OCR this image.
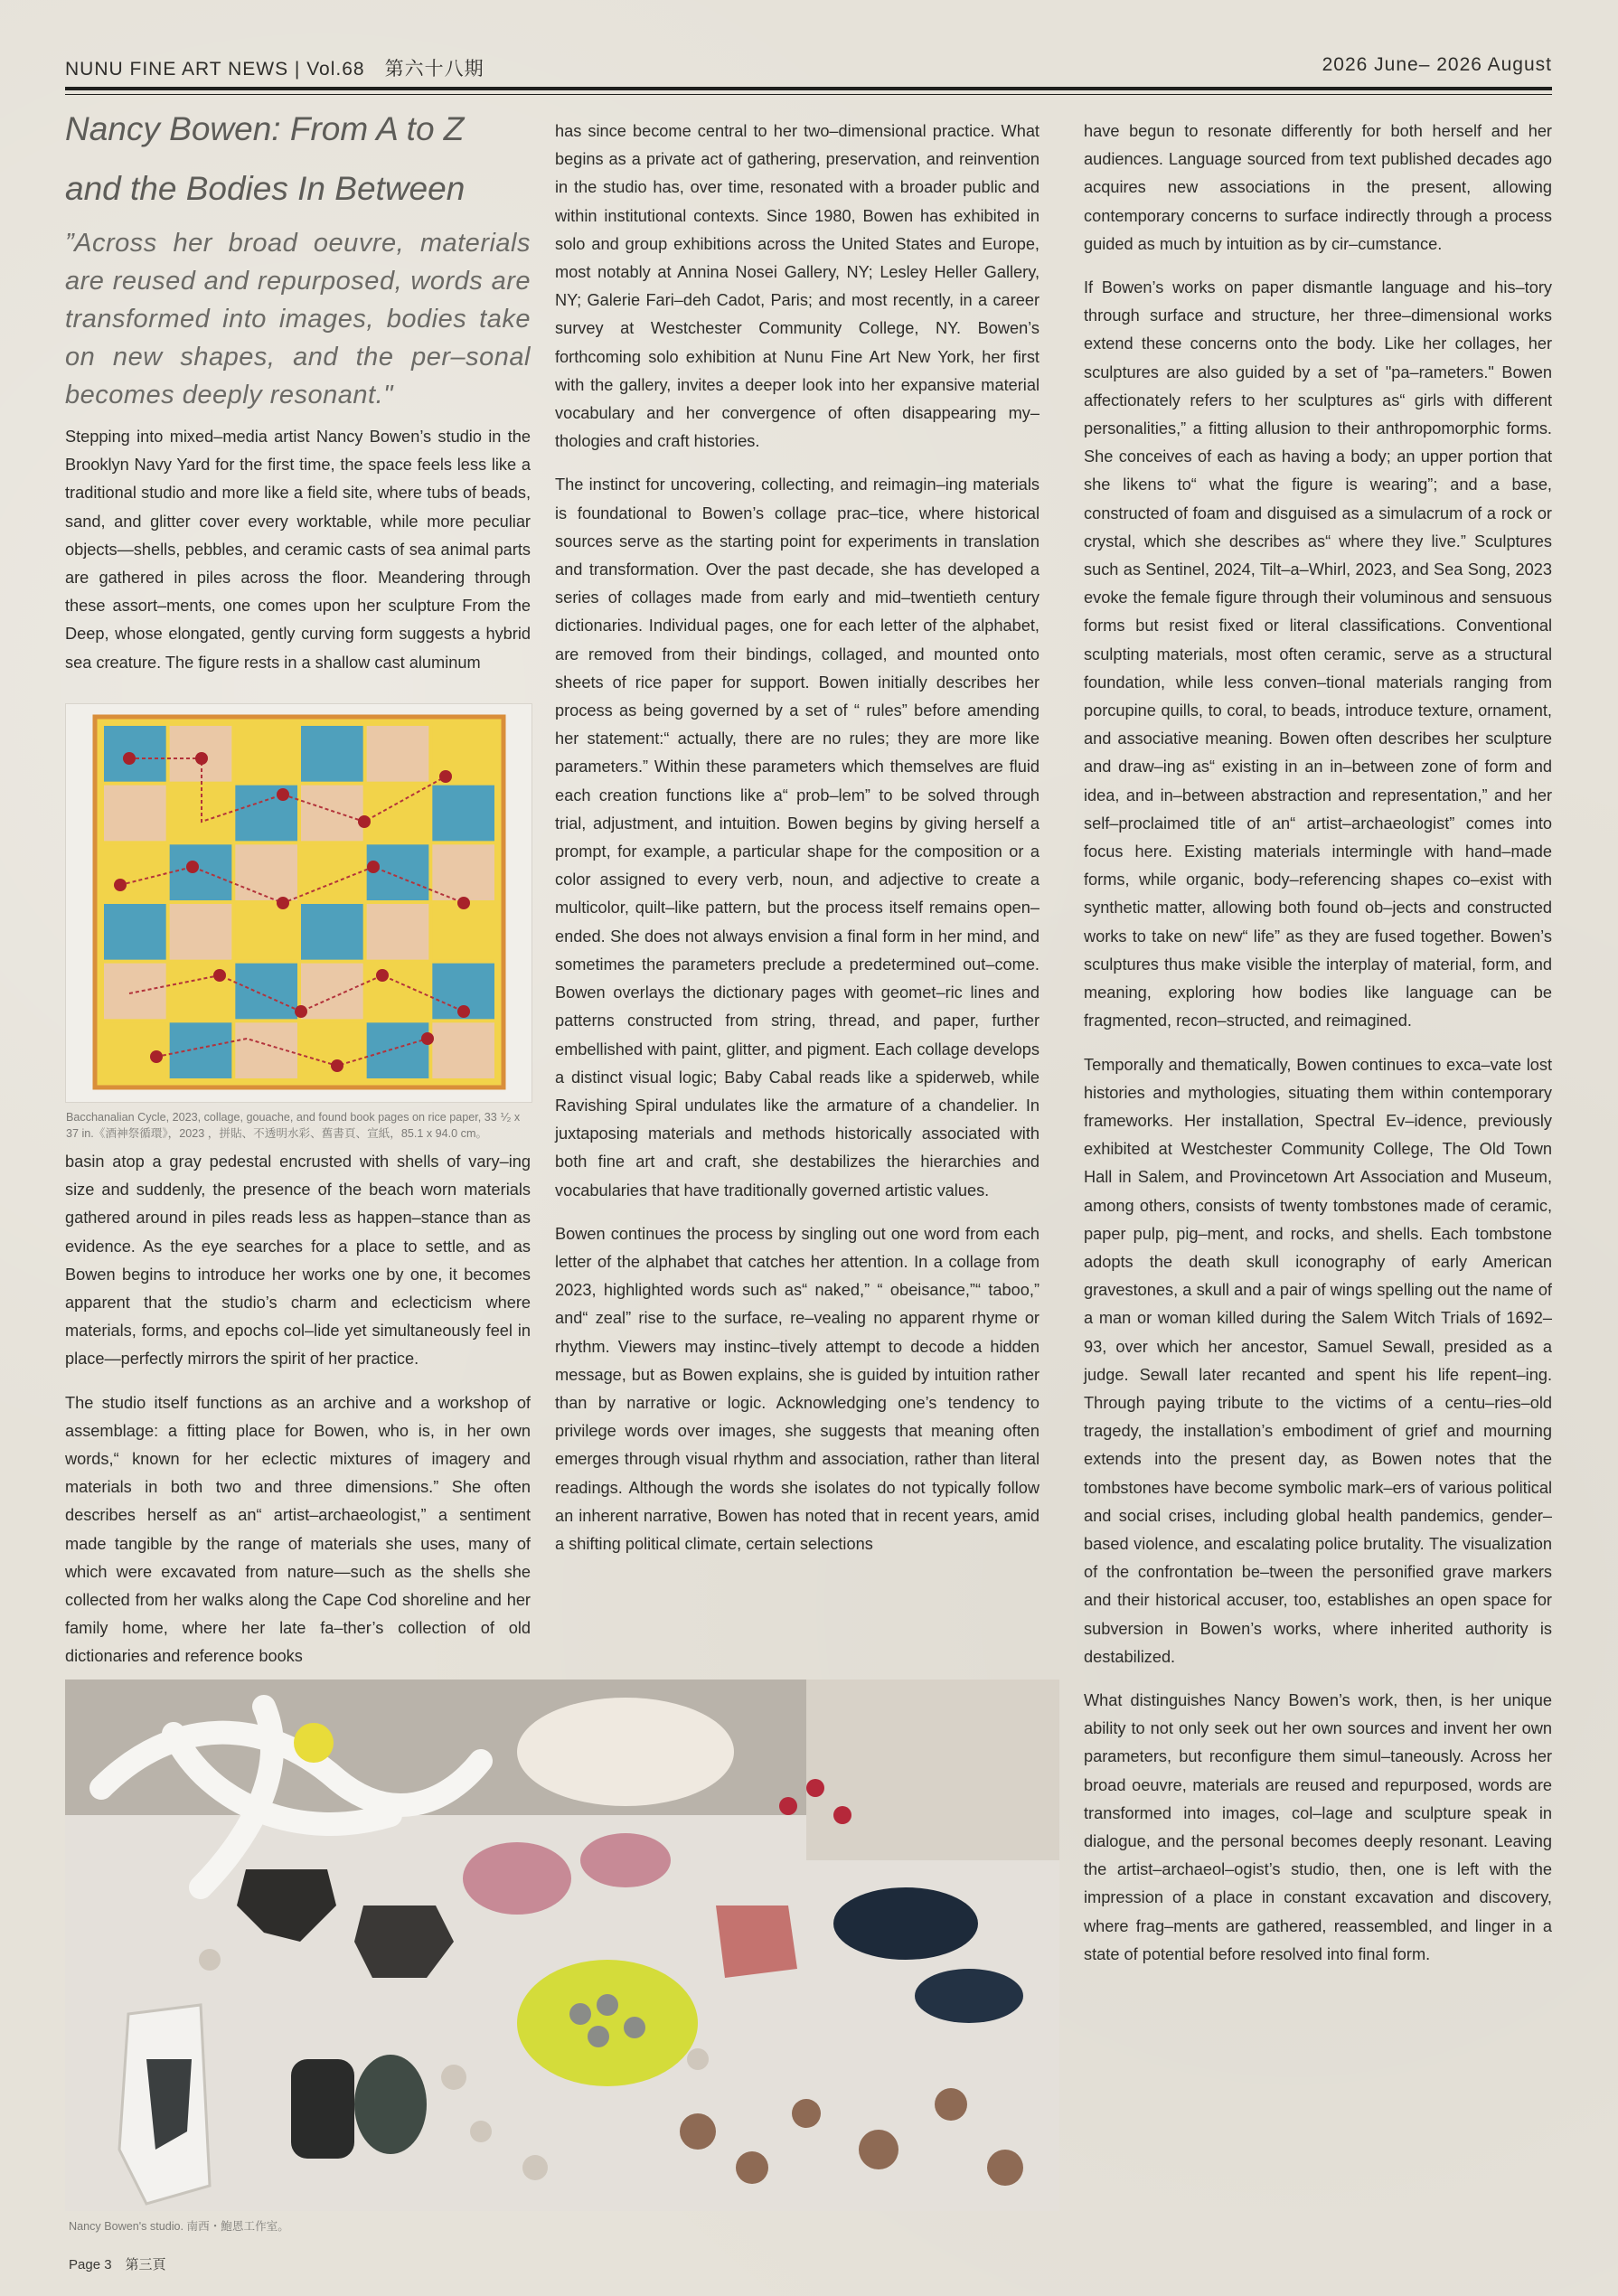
NUNU FINE ART NEWS | Vol.68　第六十八期	2026 June– 2026 August
Nancy Bowen: From A to Z
and the Bodies In Between
”Across her broad oeuvre, materials are reused and repurposed, words are transformed into images, bodies take on new shapes, and the per–sonal becomes deeply resonant."

Stepping into mixed–media artist Nancy Bowen’s studio in the Brooklyn Navy Yard for the first time, the space feels less like a traditional studio and more like a field site, where tubs of beads, sand, and glitter cover every worktable, while more peculiar objects—shells, pebbles, and ceramic casts of sea animal parts are gathered in piles across the floor. Meandering through these assort–ments, one comes upon her sculpture From the Deep, whose elongated, gently curving form suggests a hybrid sea creature. The figure rests in a shallow cast aluminum

Bacchanalian Cycle, 2023, collage, gouache, and found book pages on rice paper, 33 ⅟₂ x 37 in.《酒神祭循環》，2023 ，拼貼、不透明水彩、舊書頁、宣紙，85.1 x 94.0 cm。

basin atop a gray pedestal encrusted with shells of vary–ing size and suddenly, the presence of the beach worn materials gathered around in piles reads less as happen–stance than as evidence. As the eye searches for a place to settle, and as Bowen begins to introduce her works one by one, it becomes apparent that the studio’s charm and eclecticism where materials, forms, and epochs col–lide yet simultaneously feel in place—perfectly mirrors the spirit of her practice.

The studio itself functions as an archive and a workshop of assemblage: a fitting place for Bowen, who is, in her own words,“ known for her eclectic mixtures of imagery and materials in both two and three dimensions.” She often describes herself as an“ artist–archaeologist,” a sentiment made tangible by the range of materials she uses, many of which were excavated from nature—such as the shells she collected from her walks along the Cape Cod shoreline and her family home, where her late fa–ther’s collection of old dictionaries and reference books

has since become central to her two–dimensional practice. What begins as a private act of gathering, preservation, and reinvention in the studio has, over time, resonated with a broader public and within institutional contexts. Since 1980, Bowen has exhibited in solo and group exhibitions across the United States and Europe, most notably at Annina Nosei Gallery, NY; Lesley Heller Gallery, NY; Galerie Fari–deh Cadot, Paris; and most recently, in a career survey at Westchester Community College, NY. Bowen’s forthcoming solo exhibition at Nunu Fine Art New York, her first with the gallery, invites a deeper look into her expansive material vocabulary and her convergence of often disappearing my–thologies and craft histories.

The instinct for uncovering, collecting, and reimagin–ing materials is foundational to Bowen’s collage prac–tice, where historical sources serve as the starting point for experiments in translation and transformation. Over the past decade, she has developed a series of collages made from early and mid–twentieth century dictionaries. Individual pages, one for each letter of the alphabet, are removed from their bindings, collaged, and mounted onto sheets of rice paper for support. Bowen initially describes her process as being governed by a set of “ rules” before amending her statement:“ actually, there are no rules; they are more like parameters.” Within these parameters which themselves are fluid each creation functions like a“ prob–lem” to be solved through trial, adjustment, and intuition. Bowen begins by giving herself a prompt, for example, a particular shape for the composition or a color assigned to every verb, noun, and adjective to create a multicolor, quilt–like pattern, but the process itself remains open–ended. She does not always envision a final form in her mind, and sometimes the parameters preclude a predetermined out–come. Bowen overlays the dictionary pages with geomet–ric lines and patterns constructed from string, thread, and paper, further embellished with paint, glitter, and pigment. Each collage develops a distinct visual logic; Baby Cabal reads like a spiderweb, while Ravishing Spiral undulates like the armature of a chandelier. In juxtaposing materials and methods historically associated with both fine art and craft, she destabilizes the hierarchies and vocabularies that have traditionally governed artistic values.

Bowen continues the process by singling out one word from each letter of the alphabet that catches her attention. In a collage from 2023, highlighted words such as“ naked,” “ obeisance,”“ taboo,” and“ zeal” rise to the surface, re–vealing no apparent rhyme or rhythm. Viewers may instinc–tively attempt to decode a hidden message, but as Bowen explains, she is guided by intuition rather than by narrative or logic. Acknowledging one’s tendency to privilege words over images, she suggests that meaning often emerges through visual rhythm and association, rather than literal readings. Although the words she isolates do not typically follow an inherent narrative, Bowen has noted that in recent years, amid a shifting political climate, certain selections

have begun to resonate differently for both herself and her audiences. Language sourced from text published decades ago acquires new associations in the present, allowing contemporary concerns to surface indirectly through a process guided as much by intuition as by cir–cumstance.

If Bowen’s works on paper dismantle language and his–tory through surface and structure, her three–dimensional works extend these concerns onto the body. Like her collages, her sculptures are also guided by a set of "pa–rameters." Bowen affectionately refers to her sculptures as“ girls with different personalities,” a fitting allusion to their anthropomorphic forms. She conceives of each as having a body; an upper portion that she likens to“ what the figure is wearing”; and a base, constructed of foam and disguised as a simulacrum of a rock or crystal, which she describes as“ where they live.” Sculptures such as Sentinel, 2024, Tilt–a–Whirl, 2023, and Sea Song, 2023 evoke the female figure through their voluminous and sensuous forms but resist fixed or literal classifications. Conventional sculpting materials, most often ceramic, serve as a structural foundation, while less conven–tional materials ranging from porcupine quills, to coral, to beads, introduce texture, ornament, and associative meaning. Bowen often describes her sculpture and draw–ing as“ existing in an in–between zone of form and idea, and in–between abstraction and representation,” and her self–proclaimed title of an“ artist–archaeologist” comes into focus here. Existing materials intermingle with hand–made forms, while organic, body–referencing shapes co–exist with synthetic matter, allowing both found ob–jects and constructed works to take on new“ life” as they are fused together. Bowen’s sculptures thus make visible the interplay of material, form, and meaning, exploring how bodies like language can be fragmented, recon–structed, and reimagined.

Temporally and thematically, Bowen continues to exca–vate lost histories and mythologies, situating them within contemporary frameworks. Her installation, Spectral Ev–idence, previously exhibited at Westchester Community College, The Old Town Hall in Salem, and Provincetown Art Association and Museum, among others, consists of twenty tombstones made of ceramic, paper pulp, pig–ment, and rocks, and shells. Each tombstone adopts the death skull iconography of early American gravestones, a skull and a pair of wings spelling out the name of a man or woman killed during the Salem Witch Trials of 1692–93, over which her ancestor, Samuel Sewall, presided as a judge. Sewall later recanted and spent his life repent–ing. Through paying tribute to the victims of a centu–ries–old tragedy, the installation’s embodiment of grief and mourning extends into the present day, as Bowen notes that the tombstones have become symbolic mark–ers of various political and social crises, including global health pandemics, gender–based violence, and escalating police brutality. The visualization of the confrontation be–tween the personified grave markers and their historical accuser, too, establishes an open space for subversion in Bowen’s works, where inherited authority is destabilized.

What distinguishes Nancy Bowen’s work, then, is her unique ability to not only seek out her own sources and invent her own parameters, but reconfigure them simul–taneously. Across her broad oeuvre, materials are reused and repurposed, words are transformed into images, col–lage and sculpture speak in dialogue, and the personal becomes deeply resonant. Leaving the artist–archaeol–ogist’s studio, then, one is left with the impression of a place in constant excavation and discovery, where frag–ments are gathered, reassembled, and linger in a state of potential before resolved into final form.

Nancy Bowen's studio. 南西・鮑恩工作室。
Page 3　第三頁
